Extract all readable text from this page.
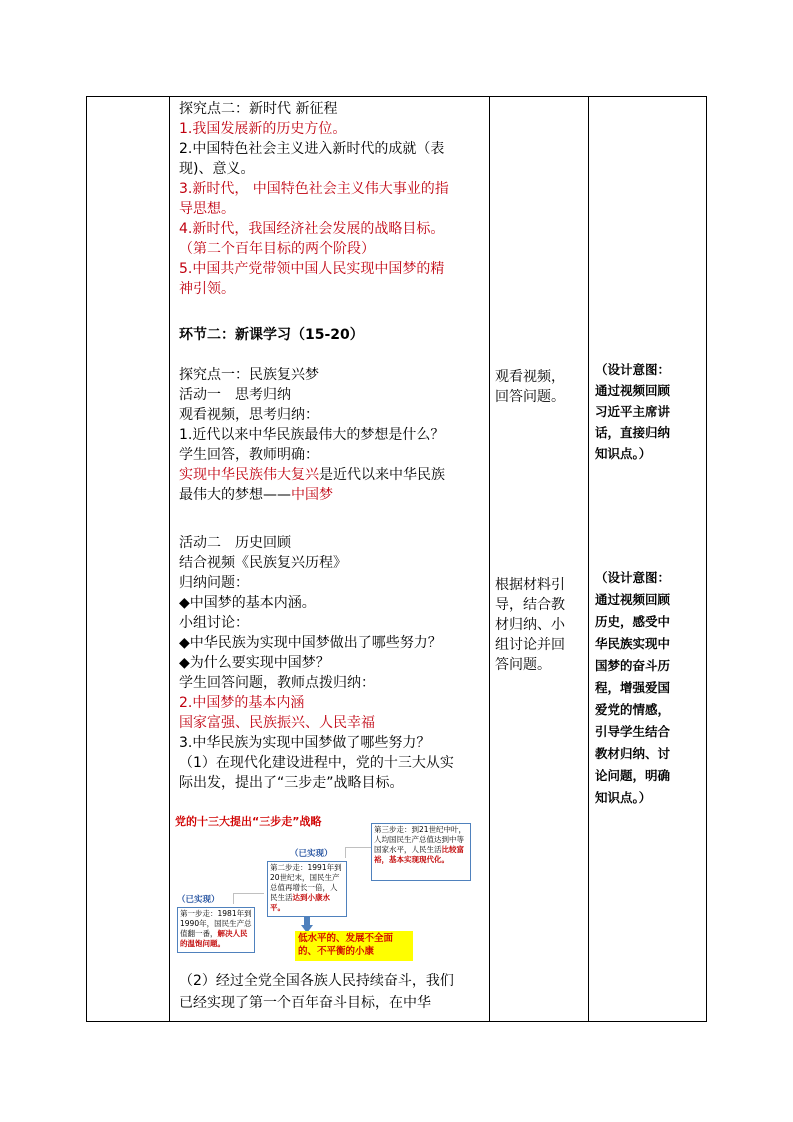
探究点二：新时代 新征程
1.我国发展新的历史方位。
2.中国特色社会主义进入新时代的成就（表
现)、意义。
3.新时代， 中国特色社会主义伟大事业的指
导思想。
4.新时代，我国经济社会发展的战略目标。
（第二个百年目标的两个阶段）
5.中国共产党带领中国人民实现中国梦的精
神引领。
环节二：新课学习（15-20）
探究点一：民族复兴梦
活动一　思考归纳
观看视频，思考归纳：
1.近代以来中华民族最伟大的梦想是什么？
学生回答，教师明确：
实现中华民族伟大复兴是近代以来中华民族
最伟大的梦想——中国梦
活动二　历史回顾
结合视频《民族复兴历程》
归纳问题：
◆中国梦的基本内涵。
小组讨论：
◆中华民族为实现中国梦做出了哪些努力？
◆为什么要实现中国梦？
学生回答问题，教师点拨归纳：
2.中国梦的基本内涵
国家富强、民族振兴、人民幸福
3.中华民族为实现中国梦做了哪些努力？
（1）在现代化建设进程中，党的十三大从实
际出发，提出了“三步走”战略目标。
党的十三大提出“三步走”战略
（已实现）
（已实现）
第一步走：1981年到1990年，国民生产总值翻一番，解决人民的温饱问题。
第二步走：1991年到20世纪末，国民生产总值再增长一倍，人民生活达到小康水平。
第三步走：到21世纪中叶，人均国民生产总值达到中等国家水平，人民生活比较富裕，基本实现现代化。
低水平的、发展不全面的、不平衡的小康
（2）经过全党全国各族人民持续奋斗，我们
已经实现了第一个百年奋斗目标，在中华
观看视频，
回答问题。
根据材料引
导，结合教
材归纳、小
组讨论并回
答问题。
（设计意图：
通过视频回顾
习近平主席讲
话，直接归纳
知识点。）
（设计意图：
通过视频回顾
历史，感受中
华民族实现中
国梦的奋斗历
程，增强爱国
爱党的情感，
引导学生结合
教材归纳、讨
论问题，明确
知识点。）
